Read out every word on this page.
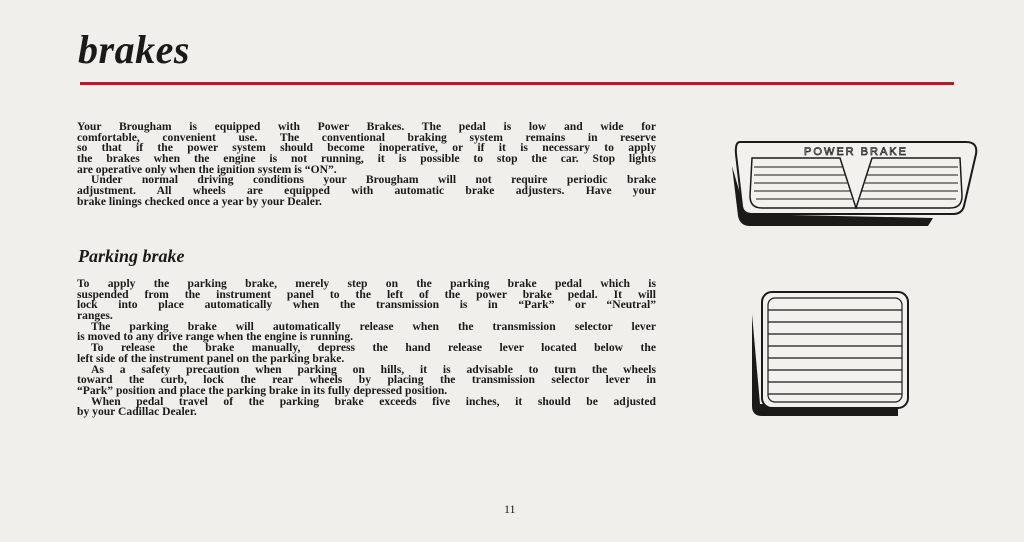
brakes
Your Brougham is equipped with Power Brakes. The pedal is low and wide for
comfortable, convenient use. The conventional braking system remains in reserve
so that if the power system should become inoperative, or if it is necessary to apply
the brakes when the engine is not running, it is possible to stop the car. Stop lights
are operative only when the ignition system is “ON”.
Under normal driving conditions your Brougham will not require periodic brake
adjustment. All wheels are equipped with automatic brake adjusters. Have your
brake linings checked once a year by your Dealer.
Parking brake
To apply the parking brake, merely step on the parking brake pedal which is
suspended from the instrument panel to the left of the power brake pedal. It will
lock into place automatically when the transmission is in “Park” or “Neutral”
ranges.
The parking brake will automatically release when the transmission selector lever
is moved to any drive range when the engine is running.
To release the brake manually, depress the hand release lever located below the
left side of the instrument panel on the parking brake.
As a safety precaution when parking on hills, it is advisable to turn the wheels
toward the curb, lock the rear wheels by placing the transmission selector lever in
“Park” position and place the parking brake in its fully depressed position.
When pedal travel of the parking brake exceeds five inches, it should be adjusted
by your Cadillac Dealer.
POWER BRAKE
11
